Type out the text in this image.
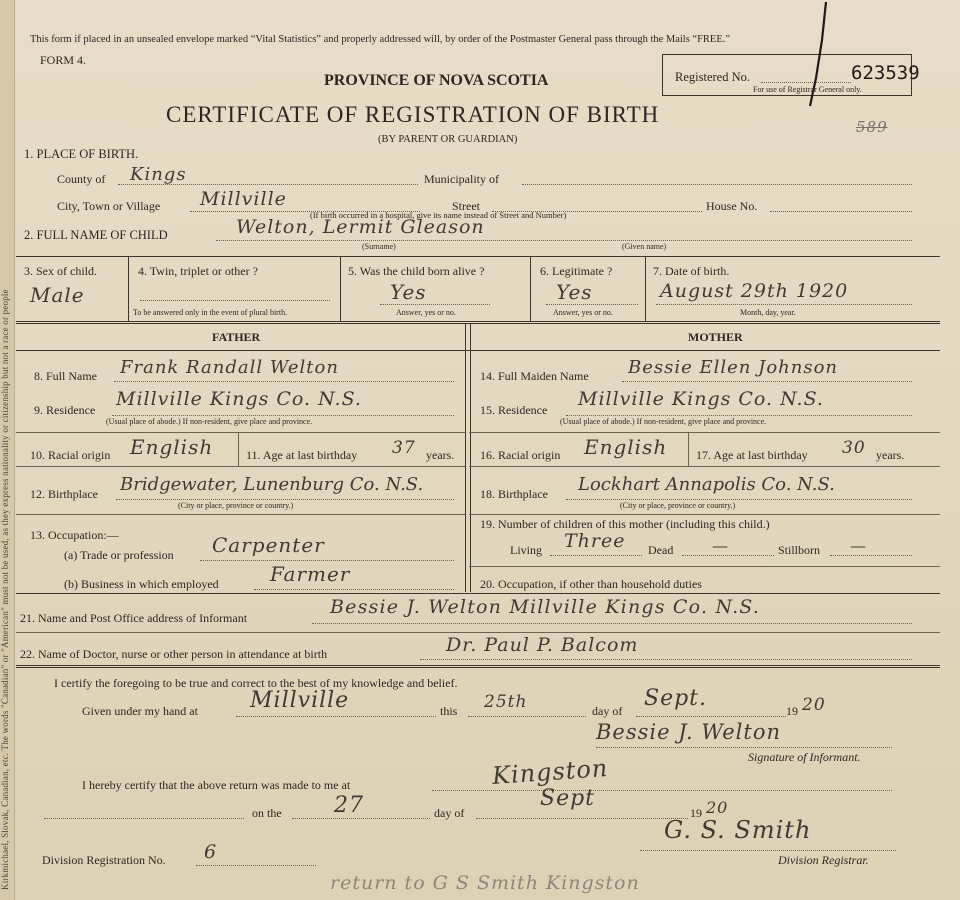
Kirkmichael, Slovak, Canadian, etc. The words "Canadian" or "American" must not be used, as they express nationality or citizenship but not a race or people
This form if placed in an unsealed envelope marked “Vital Statistics” and properly addressed will, by order of the Postmaster General pass through the Mails “FREE.”
FORM 4.
PROVINCE OF NOVA SCOTIA
CERTIFICATE OF REGISTRATION OF BIRTH
(BY PARENT OR GUARDIAN)
Registered No.	623539
For use of Registrar General only.
589
1. PLACE OF BIRTH.
County of Kings	Municipality of
City, Town or Village Millville	Street	House No.
(If birth occurred in a hospital, give its name instead of Street and Number)
2. FULL NAME OF CHILD	Welton, Lermit Gleason
(Surname)	(Given name)
3. Sex of child.
Male
4. Twin, triplet or other ?
To be answered only in the event of plural birth.
5. Was the child born alive ?
Yes
Answer, yes or no.
6. Legitimate ?
Yes
Answer, yes or no.
7. Date of birth.
August 29th 1920
Month, day, year.
FATHER	MOTHER
8. Full Name Frank Randall Welton
9. Residence Millville Kings Co. N.S.
(Usual place of abode.) If non-resident, give place and province.
10. Racial origin English	11. Age at last birthday 37 years.
12. Birthplace Bridgewater, Lunenburg Co. N.S.
(City or place, province or country.)
13. Occupation:—
(a) Trade or profession Carpenter
(b) Business in which employed	Farmer
14. Full Maiden Name Bessie Ellen Johnson
15. Residence Millville Kings Co. N.S.
(Usual place of abode.) If non-resident, give place and province.
16. Racial origin English 17. Age at last birthday 30 years.
18. Birthplace Lockhart Annapolis Co. N.S.
(City or place, province or country.)
19. Number of children of this mother (including this child.)
Living Three Dead —	Stillborn —
20. Occupation, if other than household duties
21. Name and Post Office address of Informant	Bessie J. Welton Millville Kings Co. N.S.
22. Name of Doctor, nurse or other person in attendance at birth	Dr. Paul P. Balcom
I certify the foregoing to be true and correct to the best of my knowledge and belief.
Given under my hand at Millville	this 25th	day of Sept.	19 20
Bessie J. Welton
Signature of Informant.
I hereby certify that the above return was made to me at	Kingston
on the 27	day of
Sept
19 20
Division Registration No. 6
G. S. Smith
Division Registrar.
return to G S Smith Kingston
